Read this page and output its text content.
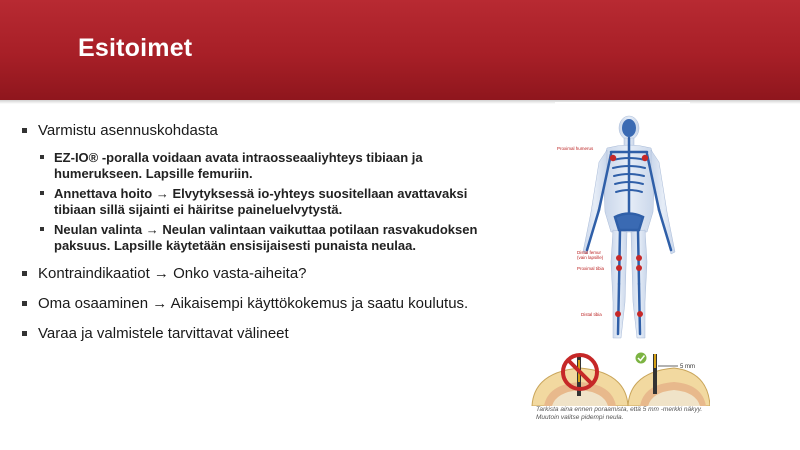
Esitoimet
Varmistu asennuskohdasta
EZ-IO® -poralla voidaan avata intraosseaaliyhteys tibiaan ja humerukseen. Lapsille femuriin.
Annettava hoito → Elvytyksessä io-yhteys suositellaan avattavaksi tibiaan sillä sijainti ei häiritse paineluelvytystä.
Neulan valinta → Neulan valintaan vaikuttaa potilaan rasvakudoksen paksuus. Lapsille käytetään ensisijaisesti punaista neulaa.
Kontraindikaatiot → Onko vasta-aiheita?
Oma osaaminen → Aikaisempi käyttökokemus ja saatu koulutus.
Varaa ja valmistele tarvittavat välineet
Proximal humerus
Distal femur
(vain lapsille)
Proximal tibia
Distal tibia
5 mm
Tarkista aina ennen poraamista, että 5 mm -merkki näkyy. Muutoin valitse pidempi neula.
